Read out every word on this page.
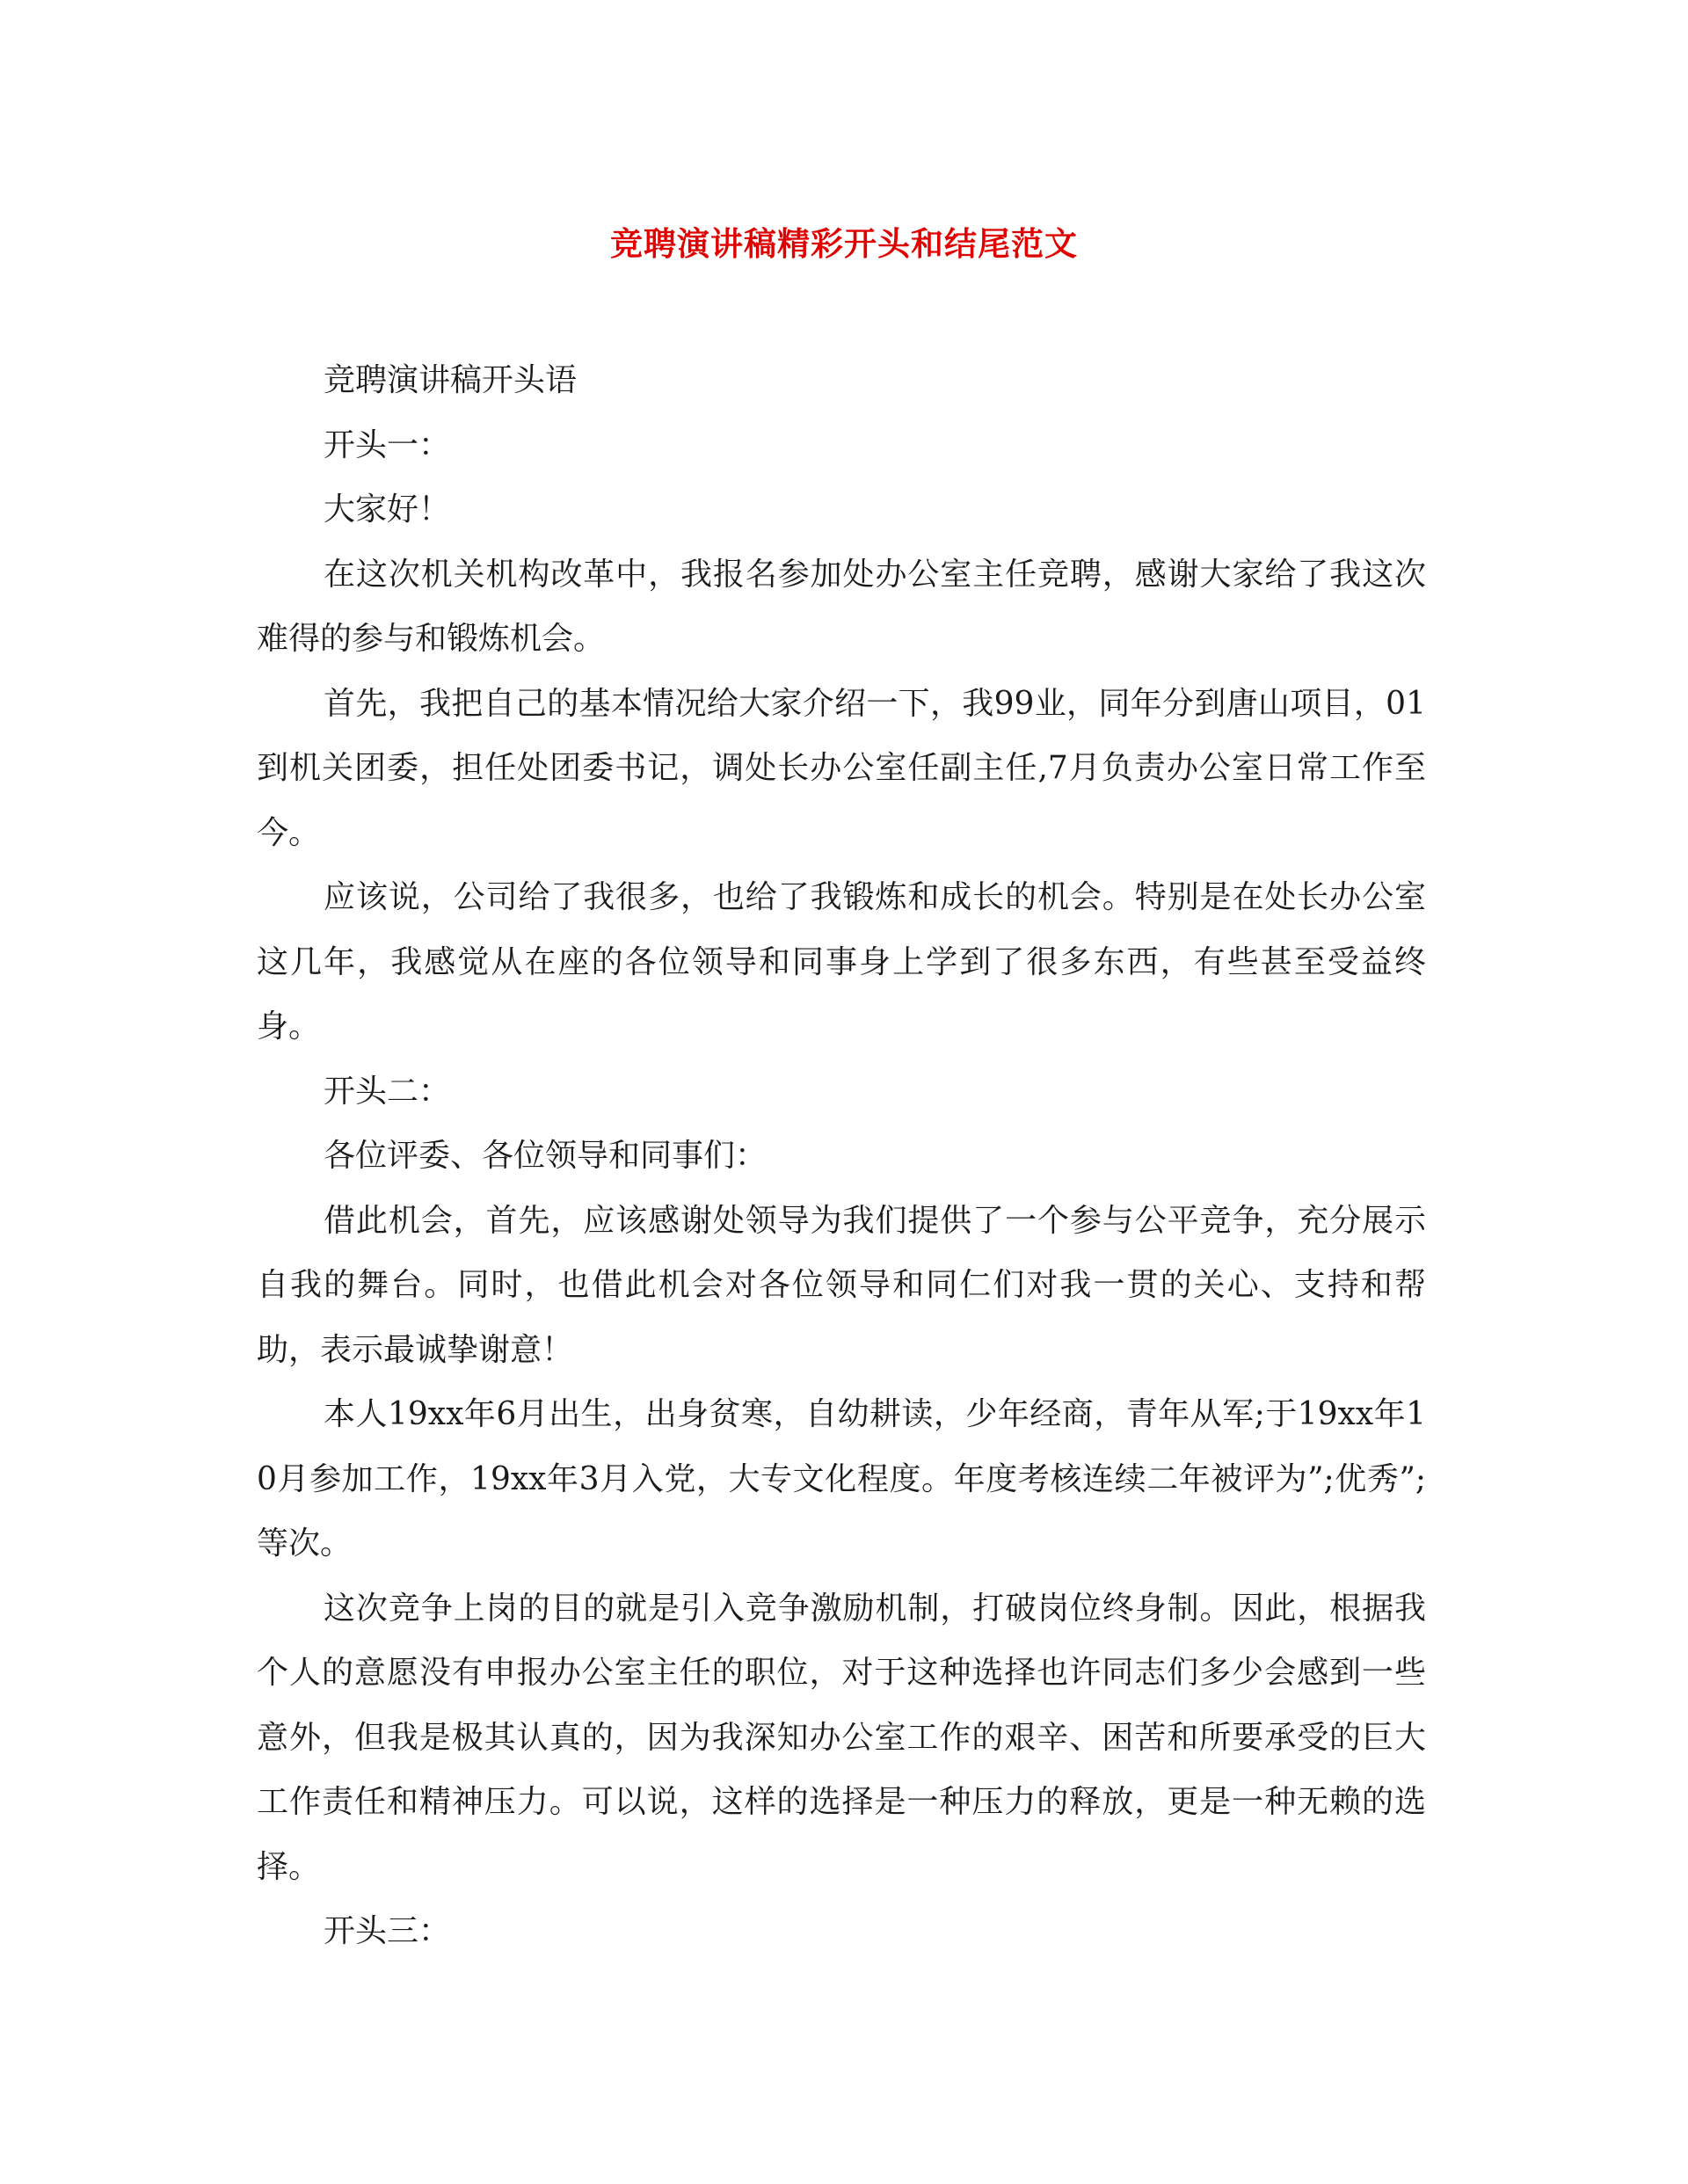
竞聘演讲稿精彩开头和结尾范文

竞聘演讲稿开头语

开头一：

大家好！

在这次机关机构改革中，我报名参加处办公室主任竞聘，感谢大家给了我这次难得的参与和锻炼机会。

首先，我把自己的基本情况给大家介绍一下，我99业，同年分到唐山项目，01到机关团委，担任处团委书记，调处长办公室任副主任,7月负责办公室日常工作至今。

应该说，公司给了我很多，也给了我锻炼和成长的机会。特别是在处长办公室这几年，我感觉从在座的各位领导和同事身上学到了很多东西，有些甚至受益终身。

开头二：

各位评委、各位领导和同事们：

借此机会，首先，应该感谢处领导为我们提供了一个参与公平竞争，充分展示自我的舞台。同时，也借此机会对各位领导和同仁们对我一贯的关心、支持和帮助，表示最诚挚谢意！

本人19xx年6月出生，出身贫寒，自幼耕读，少年经商，青年从军;于19xx年10月参加工作，19xx年3月入党，大专文化程度。年度考核连续二年被评为”;优秀”;等次。

这次竞争上岗的目的就是引入竞争激励机制，打破岗位终身制。因此，根据我个人的意愿没有申报办公室主任的职位，对于这种选择也许同志们多少会感到一些意外，但我是极其认真的，因为我深知办公室工作的艰辛、困苦和所要承受的巨大工作责任和精神压力。可以说，这样的选择是一种压力的释放，更是一种无赖的选择。

开头三：
